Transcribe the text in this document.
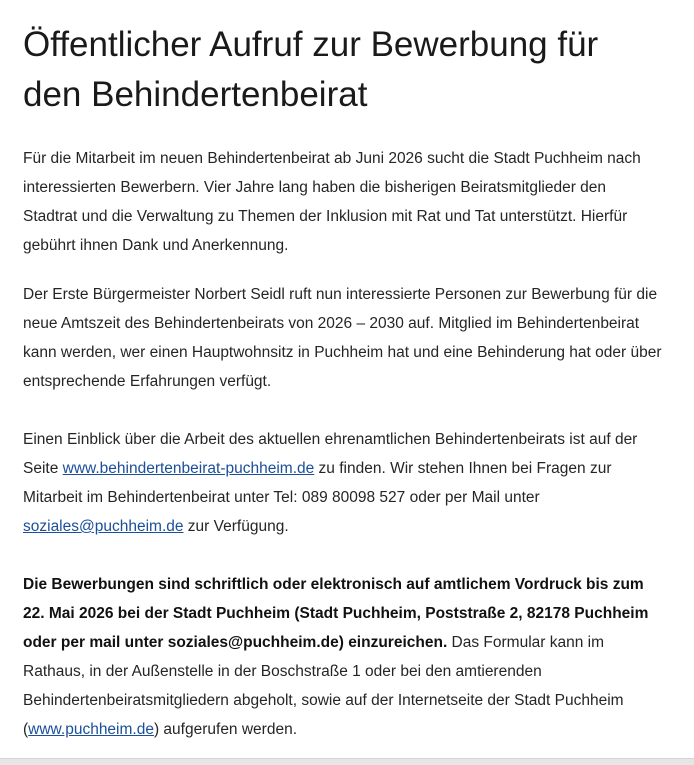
Öffentlicher Aufruf zur Bewerbung für den Behindertenbeirat

Für die Mitarbeit im neuen Behindertenbeirat ab Juni 2026 sucht die Stadt Puchheim nach interessierten Bewerbern. Vier Jahre lang haben die bisherigen Beiratsmitglieder den Stadtrat und die Verwaltung zu Themen der Inklusion mit Rat und Tat unterstützt. Hierfür gebührt ihnen Dank und Anerkennung.

Der Erste Bürgermeister Norbert Seidl ruft nun interessierte Personen zur Bewerbung für die neue Amtszeit des Behindertenbeirats von 2026 – 2030 auf. Mitglied im Behindertenbeirat kann werden, wer einen Hauptwohnsitz in Puchheim hat und eine Behinderung hat oder über entsprechende Erfahrungen verfügt.

Einen Einblick über die Arbeit des aktuellen ehrenamtlichen Behindertenbeirats ist auf der Seite www.behindertenbeirat-puchheim.de zu finden. Wir stehen Ihnen bei Fragen zur Mitarbeit im Behindertenbeirat unter Tel: 089 80098 527 oder per Mail unter soziales@puchheim.de zur Verfügung.

Die Bewerbungen sind schriftlich oder elektronisch auf amtlichem Vordruck bis zum 22. Mai 2026 bei der Stadt Puchheim (Stadt Puchheim, Poststraße 2, 82178 Puchheim oder per mail unter soziales@puchheim.de) einzureichen. Das Formular kann im Rathaus, in der Außenstelle in der Boschstraße 1 oder bei den amtierenden Behindertenbeiratsmitgliedern abgeholt, sowie auf der Internetseite der Stadt Puchheim (www.puchheim.de) aufgerufen werden.
